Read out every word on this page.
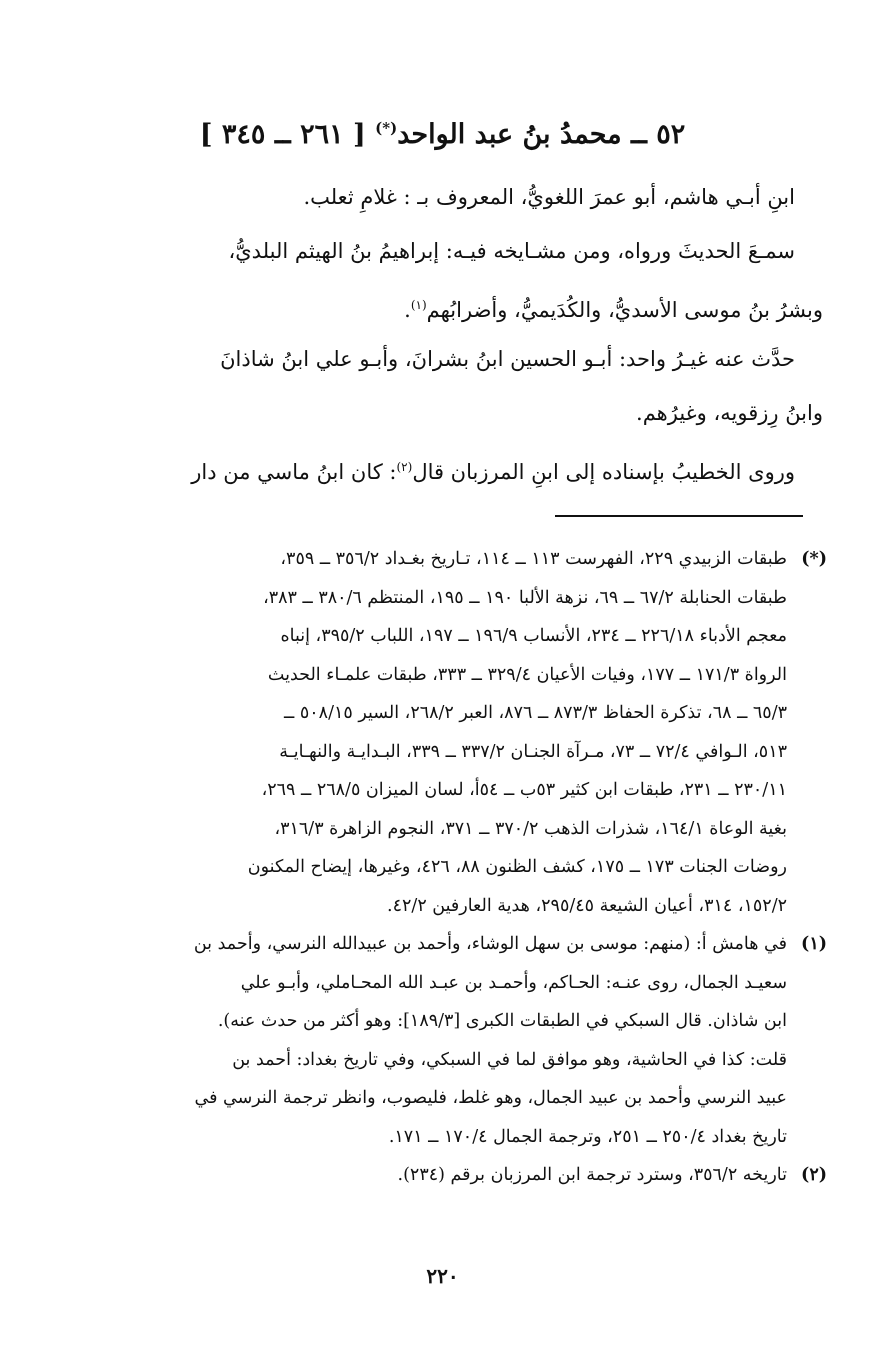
٥٢ ــ محمدُ بنُ عبد الواحد(*) [ ٢٦١ ــ ٣٤٥ ]
ابنِ أبـي هاشم، أبو عمرَ اللغويُّ، المعروف بـ : غلامِ ثعلب.
سمـعَ الحديثَ ورواه، ومن مشـايخه فيـه: إبراهيمُ بنُ الهيثم البلديُّ،
وبشرُ بنُ موسى الأسديُّ، والكُدَيميُّ، وأضرابُهم$^{(١)}$.
حدَّث عنه غيـرُ واحد: أبـو الحسين ابنُ بشرانَ، وأبـو علي ابنُ شاذانَ
وابنُ رِزقويه، وغيرُهم.
وروى الخطيبُ بإسناده إلى ابنِ المرزبان قال$^{(٢)}$: كان ابنُ ماسي من دار
(*)
طبقات الزبيدي ٢٢٩، الفهرست ١١٣ ــ ١١٤، تـاريخ بغـداد ٣٥٦/٢ ــ ٣٥٩،
طبقات الحنابلة ٦٧/٢ ــ ٦٩، نزهة الألبا ١٩٠ ــ ١٩٥، المنتظم ٣٨٠/٦ ــ ٣٨٣،
معجم الأدباء ٢٢٦/١٨ ــ ٢٣٤، الأنساب ١٩٦/٩ ــ ١٩٧، اللباب ٣٩٥/٢، إنباه
الرواة ١٧١/٣ ــ ١٧٧، وفيات الأعيان ٣٢٩/٤ ــ ٣٣٣، طبقات علمـاء الحديث
٦٥/٣ ــ ٦٨، تذكرة الحفاظ ٨٧٣/٣ ــ ٨٧٦، العبر ٢٦٨/٢، السير ٥٠٨/١٥ ــ
٥١٣، الـوافي ٧٢/٤ ــ ٧٣، مـرآة الجنـان ٣٣٧/٢ ــ ٣٣٩، البـدايـة والنهـايـة
٢٣٠/١١ ــ ٢٣١، طبقات ابن كثير ٥٣ب ــ ٥٤أ، لسان الميزان ٢٦٨/٥ ــ ٢٦٩،
بغية الوعاة ١٦٤/١، شذرات الذهب ٣٧٠/٢ ــ ٣٧١، النجوم الزاهرة ٣١٦/٣،
روضات الجنات ١٧٣ ــ ١٧٥، كشف الظنون ٨٨، ٤٢٦، وغيرها، إيضاح المكنون
١٥٢/٢، ٣١٤، أعيان الشيعة ٢٩٥/٤٥، هدية العارفين ٤٢/٢.
(١)
في هامش أ: (منهم: موسى بن سهل الوشاء، وأحمد بن عبيدالله النرسي، وأحمد بن
سعيـد الجمال، روى عنـه: الحـاكم، وأحمـد بن عبـد الله المحـاملي، وأبـو علي
ابن شاذان. قال السبكي في الطبقات الكبرى [١٨٩/٣]: وهو أكثر من حدث عنه).
قلت: كذا في الحاشية، وهو موافق لما في السبكي، وفي تاريخ بغداد: أحمد بن
عبيد النرسي وأحمد بن عبيد الجمال، وهو غلط، فليصوب، وانظر ترجمة النرسي في
تاريخ بغداد ٢٥٠/٤ ــ ٢٥١، وترجمة الجمال ١٧٠/٤ ــ ١٧١.
(٢)
تاريخه ٣٥٦/٢، وسترد ترجمة ابن المرزبان برقم (٢٣٤).
٢٢٠
